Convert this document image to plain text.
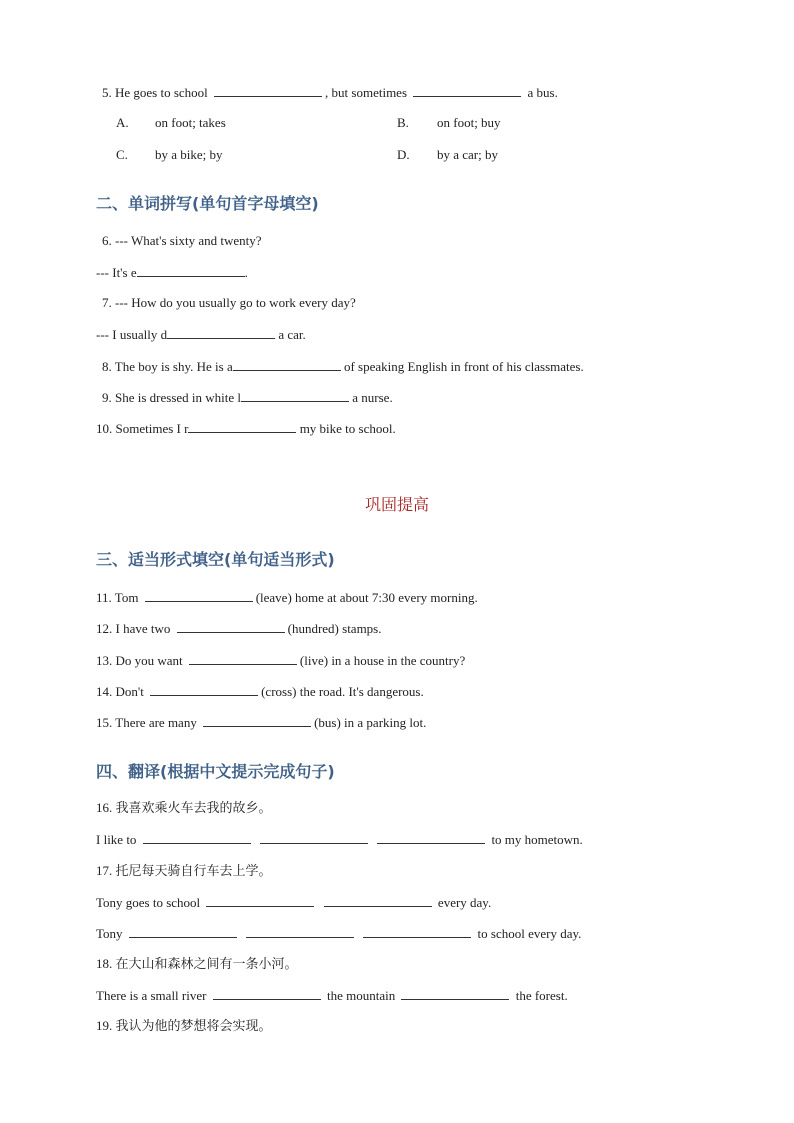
5. He goes to school	, but sometimes	a bus.
A. on foot; takes	B. on foot; buy
C. by a bike; by	D. by a car; by
二、单词拼写(单句首字母填空)
6. --- What's sixty and twenty?
--- It's e	.
7. --- How do you usually go to work every day?
--- I usually d	a car.
8. The boy is shy. He is a	of speaking English in front of his classmates.
9. She is dressed in white l	a nurse.
10. Sometimes I r	my bike to school.
巩固提高
三、适当形式填空(单句适当形式)
11. Tom	(leave) home at about 7:30 every morning.
12. I have two	(hundred) stamps.
13. Do you want	(live) in a house in the country?
14. Don't	(cross) the road. It's dangerous.
15. There are many	(bus) in a parking lot.
四、翻译(根据中文提示完成句子)
16. 我喜欢乘火车去我的故乡。
I like to	to my hometown.
17. 托尼每天骑自行车去上学。
Tony goes to school	every day.
Tony	to school every day.
18. 在大山和森林之间有一条小河。
There is a small river	the mountain	the forest.
19. 我认为他的梦想将会实现。
